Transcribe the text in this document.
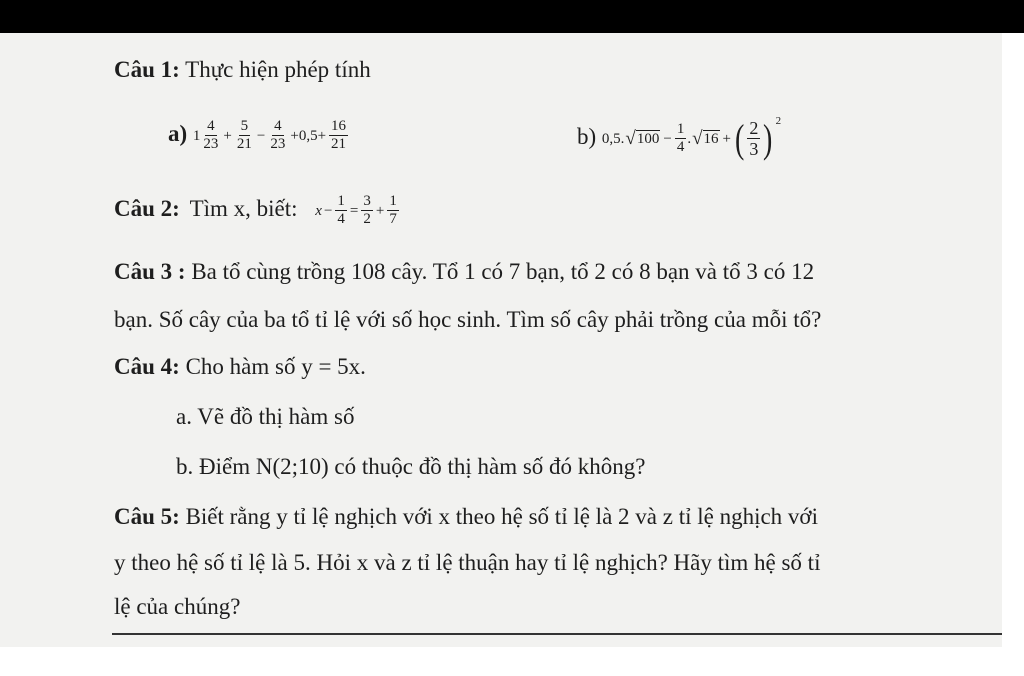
Câu 1: Thực hiện phép tính
a) $1 \frac{4}{23} + \frac{5}{21} - \frac{4}{23} +0,5+ \frac{16}{21}$	b) 0,5. √ $100 - \frac{1}{4}$ . √ 16 + ( $\frac{2}{3}$ ) 2
Câu 2: Tìm x, biết: $x - \frac{1}{4} = \frac{3}{2} + \frac{1}{7}$
Câu 3 : Ba tổ cùng trồng 108 cây. Tổ 1 có 7 bạn, tổ 2 có 8 bạn và tổ 3 có 12
bạn. Số cây của ba tổ tỉ lệ với số học sinh. Tìm số cây phải trồng của mỗi tổ?
Câu 4: Cho hàm số y = 5x.
a. Vẽ đồ thị hàm số
b. Điểm N(2;10) có thuộc đồ thị hàm số đó không?
Câu 5: Biết rằng y tỉ lệ nghịch với x theo hệ số tỉ lệ là 2 và z tỉ lệ nghịch với
y theo hệ số tỉ lệ là 5. Hỏi x và z tỉ lệ thuận hay tỉ lệ nghịch? Hãy tìm hệ số tỉ
lệ của chúng?
